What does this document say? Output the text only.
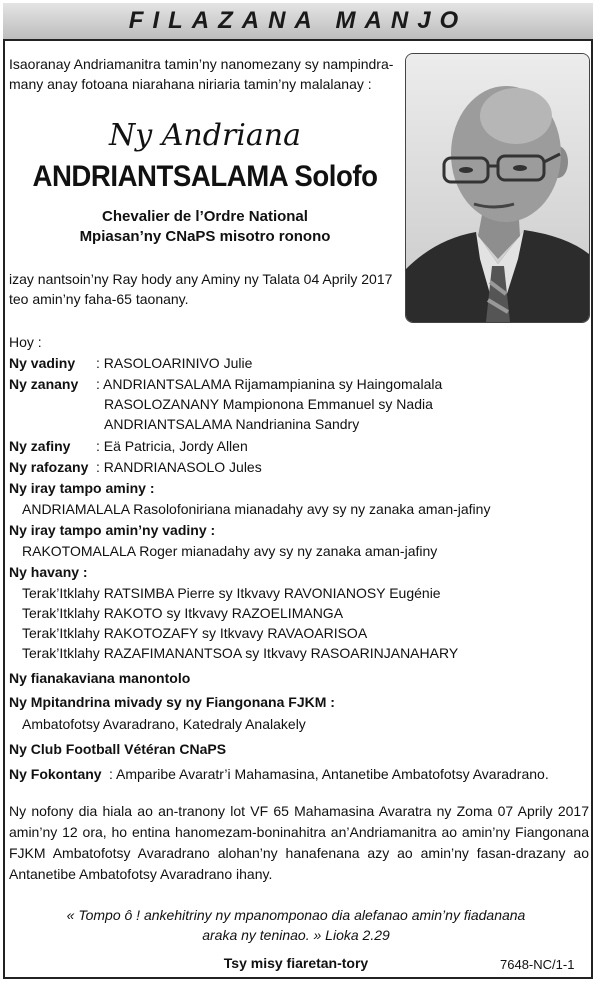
FILAZANA MANJO
Isaoranay Andriamanitra tamin’ny nanomezany sy nampindra-
many anay fotoana niarahana niriaria tamin’ny malalanay :
Ny Andriana
ANDRIANTSALAMA Solofo
Chevalier de l’Ordre National
Mpiasan’ny CNaPS misotro ronono
izay nantsoin’ny Ray hody any Aminy ny Talata 04 Aprily 2017
teo amin’ny faha-65 taonany.
Hoy :
Ny vadiny : RASOLOARINIVO Julie
Ny zanany : ANDRIANTSALAMA Rijamampianina sy Haingomalala
RASOLOZANANY Mampionona Emmanuel sy Nadia
ANDRIANTSALAMA Nandrianina Sandry
Ny zafiny : Eä Patricia, Jordy Allen
Ny rafozany : RANDRIANASOLO Jules
Ny iray tampo aminy :
ANDRIAMALALA Rasolofoniriana mianadahy avy sy ny zanaka aman-jafiny
Ny iray tampo amin’ny vadiny :
RAKOTOMALALA Roger mianadahy avy sy ny zanaka aman-jafiny
Ny havany :
Terak’Itklahy RATSIMBA Pierre sy Itkvavy RAVONIANOSY Eugénie
Terak’Itklahy RAKOTO sy Itkvavy RAZOELIMANGA
Terak’Itklahy RAKOTOZAFY sy Itkvavy RAVAOARISOA
Terak’Itklahy RAZAFIMANANTSOA sy Itkvavy RASOARINJANAHARY
Ny fianakaviana manontolo
Ny Mpitandrina mivady sy ny Fiangonana FJKM :
Ambatofotsy Avaradrano, Katedraly Analakely
Ny Club Football Vétéran CNaPS
Ny Fokontany : Amparibe Avaratr’i Mahamasina, Antanetibe Ambatofotsy Avaradrano.
Ny nofony dia hiala ao an-tranony lot VF 65 Mahamasina Avaratra ny Zoma 07 Aprily 2017 amin’ny 12 ora, ho entina hanomezam-boninahitra an’Andriamanitra ao amin’ny Fiangonana FJKM Ambatofotsy Avaradrano alohan’ny hanafenana azy ao amin’ny fasan-drazany ao Antanetibe Ambatofotsy Avaradrano ihany.
« Tompo ô ! ankehitriny ny mpanomponao dia alefanao amin’ny fiadanana
araka ny teninao. » Lioka 2.29
Tsy misy fiaretan-tory	7648-NC/1-1
